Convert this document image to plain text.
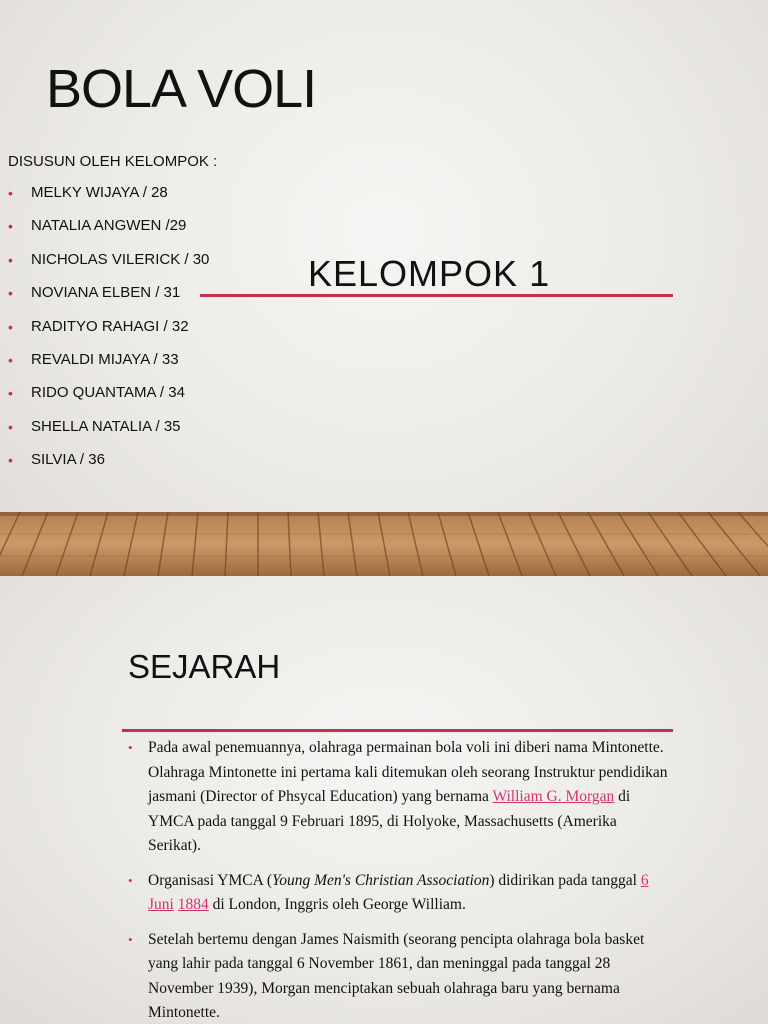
BOLA VOLI

DISUSUN OLEH KELOMPOK :

• MELKY WIJAYA / 28
• NATALIA ANGWEN /29
• NICHOLAS VILERICK / 30
• NOVIANA ELBEN / 31
• RADITYO RAHAGI / 32
• REVALDI MIJAYA / 33
• RIDO QUANTAMA / 34
• SHELLA NATALIA / 35
• SILVIA / 36
KELOMPOK 1
SEJARAH
• Pada awal penemuannya, olahraga permainan bola voli ini diberi nama Mintonette. Olahraga Mintonette ini pertama kali ditemukan oleh seorang Instruktur pendidikan jasmani (Director of Phsycal Education) yang bernama William G. Morgan di YMCA pada tanggal 9 Februari 1895, di Holyoke, Massachusetts (Amerika Serikat).
• Organisasi YMCA (Young Men's Christian Association) didirikan pada tanggal 6 Juni 1884 di London, Inggris oleh George William.
• Setelah bertemu dengan James Naismith (seorang pencipta olahraga bola basket yang lahir pada tanggal 6 November 1861, dan meninggal pada tanggal 28 November 1939), Morgan menciptakan sebuah olahraga baru yang bernama Mintonette.
